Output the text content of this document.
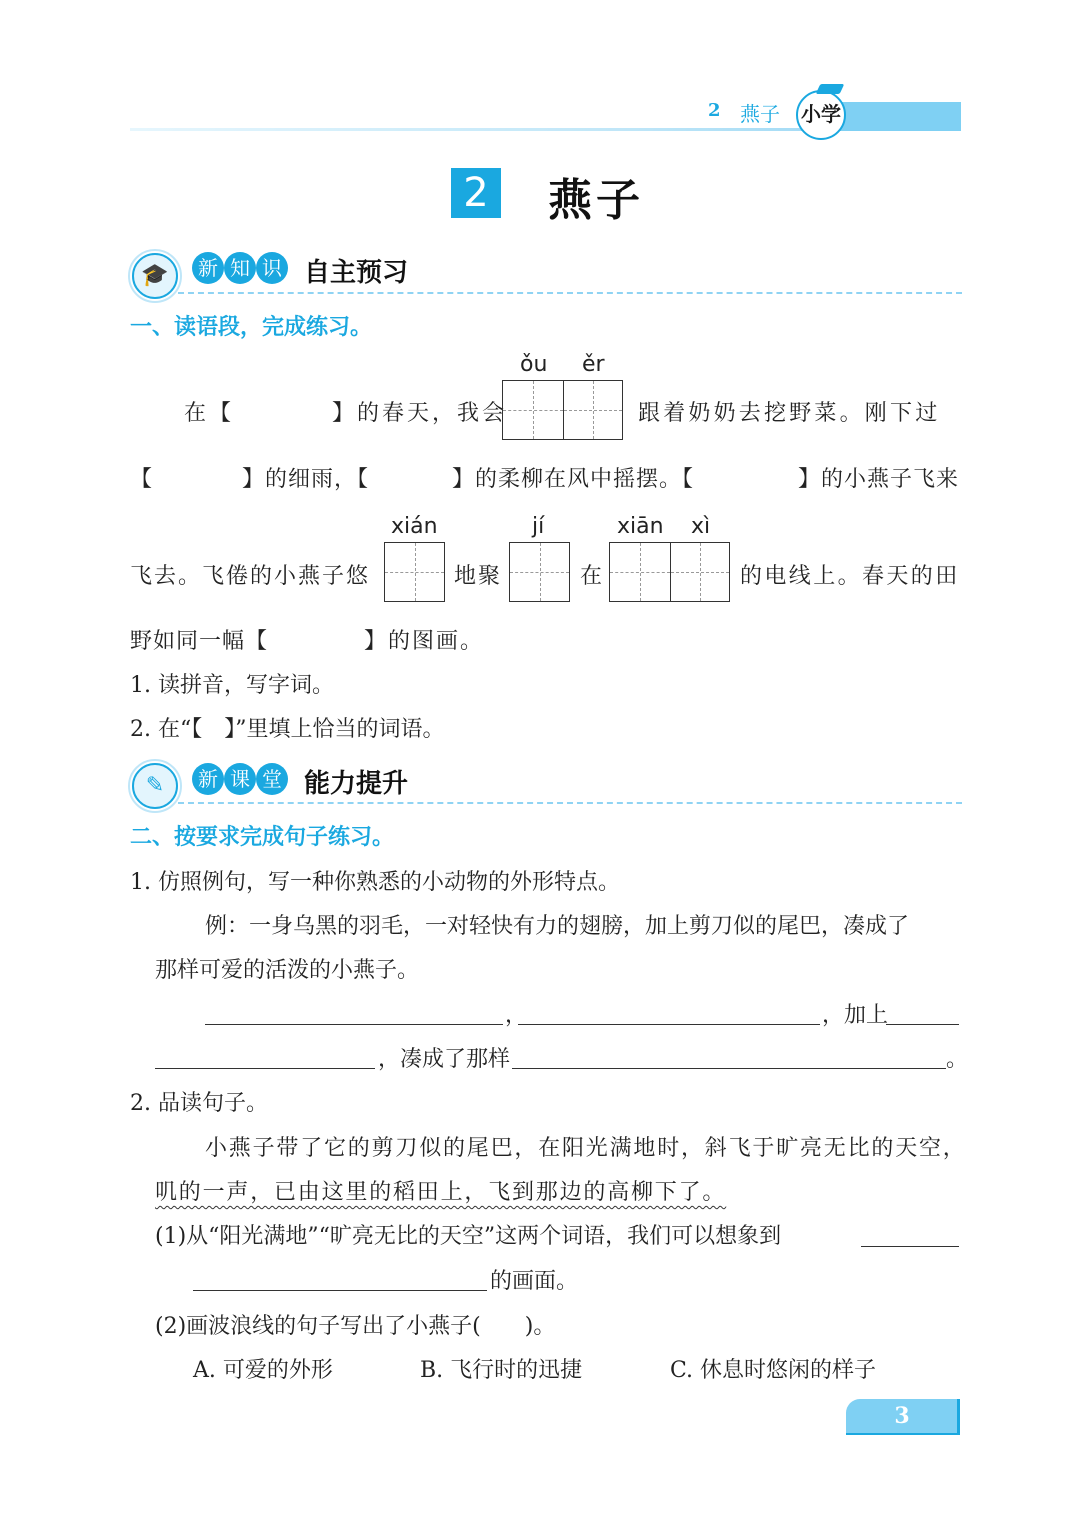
2 燕子 小学
2 燕子
🎓	新 知 识 自主预习
一、读语段，完成练习。
ǒu ěr
在【	】的春天，我会	跟着奶奶去挖野菜。刚下过
【	】的细雨，【	】的柔柳在风中摇摆。【	】的小燕子飞来
xián	jí	xiān xì
飞去。飞倦的小燕子悠	地聚	在	的电线上。春天的田
野如同一幅【	】的图画。
1. 读拼音，写字词。
2. 在“【　】”里填上恰当的词语。
✎	新 课 堂 能力提升
二、按要求完成句子练习。
1. 仿照例句，写一种你熟悉的小动物的外形特点。
例：一身乌黑的羽毛，一对轻快有力的翅膀，加上剪刀似的尾巴，凑成了
那样可爱的活泼的小燕子。
，	，加上
，凑成了那样	。
2. 品读句子。
小燕子带了它的剪刀似的尾巴，在阳光满地时，斜飞于旷亮无比的天空，
叽的一声，已由这里的稻田上，飞到那边的高柳下了。
(1)从“阳光满地”“旷亮无比的天空”这两个词语，我们可以想象到
的画面。
(2)画波浪线的句子写出了小燕子(　　)。
A. 可爱的外形	B. 飞行时的迅捷	C. 休息时悠闲的样子
3
